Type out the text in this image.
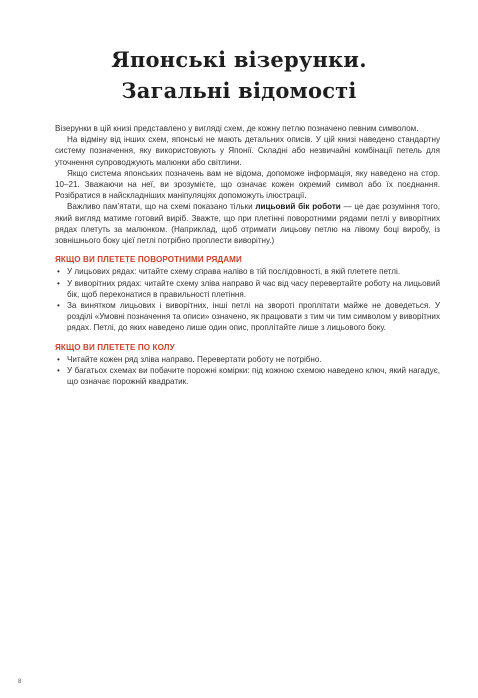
Японські візерунки.
Загальні відомості

Візерунки в цій книзі представлено у вигляді схем, де кожну петлю позначено певним символом.

На відміну від інших схем, японські не мають детальних описів. У цій книзі наведено стандартну систему позначення, яку використовують у Японії. Складні або незвичайні комбінації петель для уточнення супроводжують малюнки або світлини.

Якщо система японських позначень вам не відома, допоможе інформація, яку наведено на стор. 10–21. Зважаючи на неї, ви зрозумієте, що означає кожен окремий символ або їх поєднання. Розібратися в найскладніших маніпуляціях допоможуть ілюстрації.

Важливо пам’ятати, що на схемі показано тільки лицьовий бік роботи — це дає розуміння того, який вигляд матиме готовий виріб. Зважте, що при плетінні поворотними рядами петлі у виворітних рядах плетуть за малюнком. (Наприклад, щоб отримати лицьову петлю на лівому боці виробу, із зовнішнього боку цієї петлі потрібно проплести виворітну.)

ЯКЩО ВИ ПЛЕТЕТЕ ПОВОРОТНИМИ РЯДАМИ
• У лицьових рядах: читайте схему справа наліво в тій послідовності, в якій плетете петлі.
• У виворітних рядах: читайте схему зліва направо й час від часу перевертайте роботу на лицьовий бік, щоб переконатися в правильності плетіння.
• За винятком лицьових і виворітних, інші петлі на звороті проплітати майже не доведеться. У розділі «Умовні позначення та описи» означено, як працювати з тим чи тим символом у виворітних рядах. Петлі, до яких наведено лише один опис, проплітайте лише з лицьового боку.
ЯКЩО ВИ ПЛЕТЕТЕ ПО КОЛУ
• Читайте кожен ряд зліва направо. Перевертати роботу не потрібно.
• У багатьох схемах ви побачите порожні комірки: під кожною схемою наведено ключ, який нагадує, що означає порожній квадратик.
8
